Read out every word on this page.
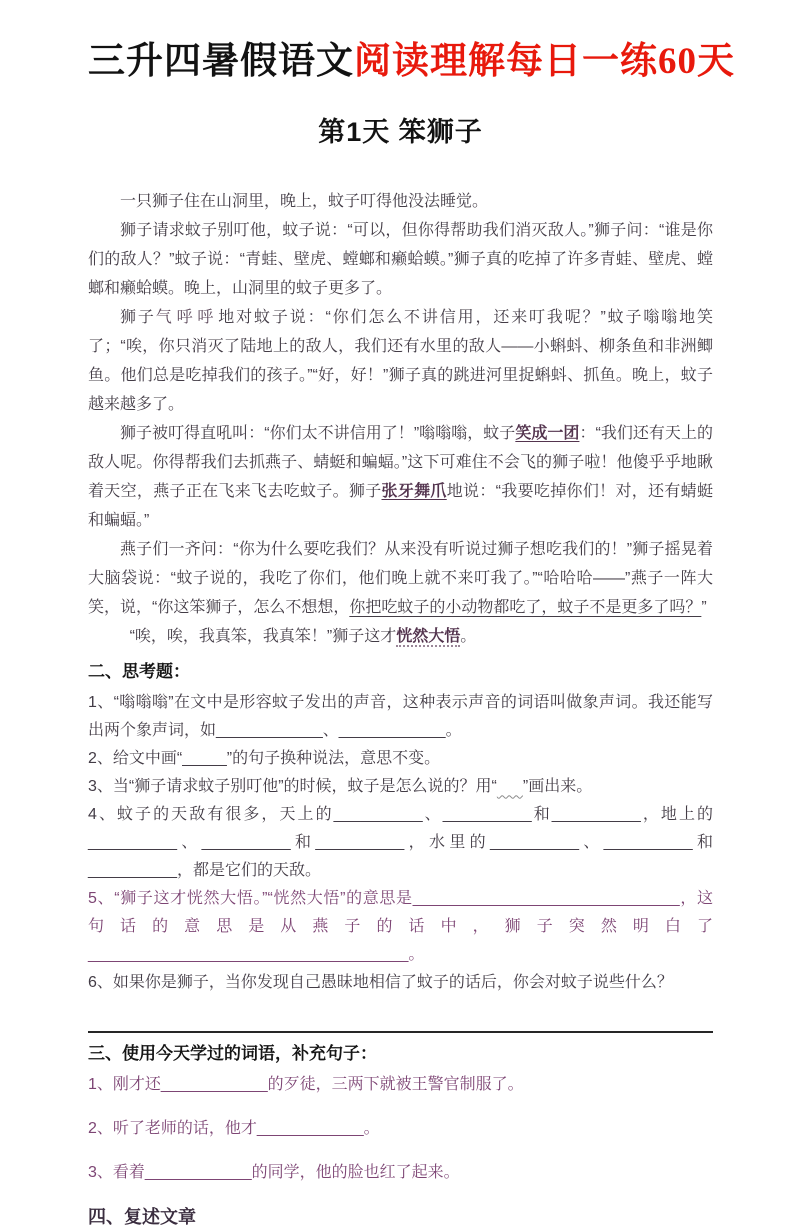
三升四暑假语文阅读理解每日一练60天
第1天 笨狮子

一只狮子住在山洞里，晚上，蚊子叮得他没法睡觉。

狮子请求蚊子别叮他，蚊子说：“可以，但你得帮助我们消灭敌人。”狮子问：“谁是你们的敌人？”蚊子说：“青蛙、壁虎、螳螂和癞蛤蟆。”狮子真的吃掉了许多青蛙、壁虎、螳螂和癞蛤蟆。晚上，山洞里的蚊子更多了。

狮子气呼呼地对蚊子说：“你们怎么不讲信用，还来叮我呢？”蚊子嗡嗡地笑了；“唉，你只消灭了陆地上的敌人，我们还有水里的敌人——小蝌蚪、柳条鱼和非洲鲫鱼。他们总是吃掉我们的孩子。”“好，好！”狮子真的跳进河里捉蝌蚪、抓鱼。晚上，蚊子越来越多了。

狮子被叮得直吼叫：“你们太不讲信用了！”嗡嗡嗡，蚊子笑成一团：“我们还有天上的敌人呢。你得帮我们去抓燕子、蜻蜓和蝙蝠。”这下可难住不会飞的狮子啦！他傻乎乎地瞅着天空，燕子正在飞来飞去吃蚊子。狮子张牙舞爪地说：“我要吃掉你们！对，还有蜻蜓和蝙蝠。”

燕子们一齐问：“你为什么要吃我们？从来没有听说过狮子想吃我们的！”狮子摇晃着大脑袋说：“蚊子说的，我吃了你们，他们晚上就不来叮我了。”“哈哈哈——”燕子一阵大笑，说，“你这笨狮子，怎么不想想，你把吃蚊子的小动物都吃了，蚊子不是更多了吗？”

“唉，唉，我真笨，我真笨！”狮子这才恍然大悟。

二、思考题：

1、“嗡嗡嗡”在文中是形容蚊子发出的声音，这种表示声音的词语叫做象声词。我还能写出两个象声词，如____________、____________。

2、给文中画“_____”的句子换种说法，意思不变。

3、当“狮子请求蚊子别叮他”的时候，蚊子是怎么说的？用“ ”画出来。

4、蚊子的天敌有很多，天上的__________、__________和__________，地上的__________、__________和__________，水里的__________、__________和__________，都是它们的天敌。

5、“狮子这才恍然大悟。”“恍然大悟”的意思是______________________________，这句话的意思是从燕子的话中，狮子突然明白了____________________________________。

6、如果你是狮子，当你发现自己愚昧地相信了蚊子的话后，你会对蚊子说些什么？

三、使用今天学过的词语，补充句子：

1、刚才还____________的歹徒，三两下就被王警官制服了。

2、听了老师的话，他才____________。

3、看着____________的同学，他的脸也红了起来。

四、复述文章
